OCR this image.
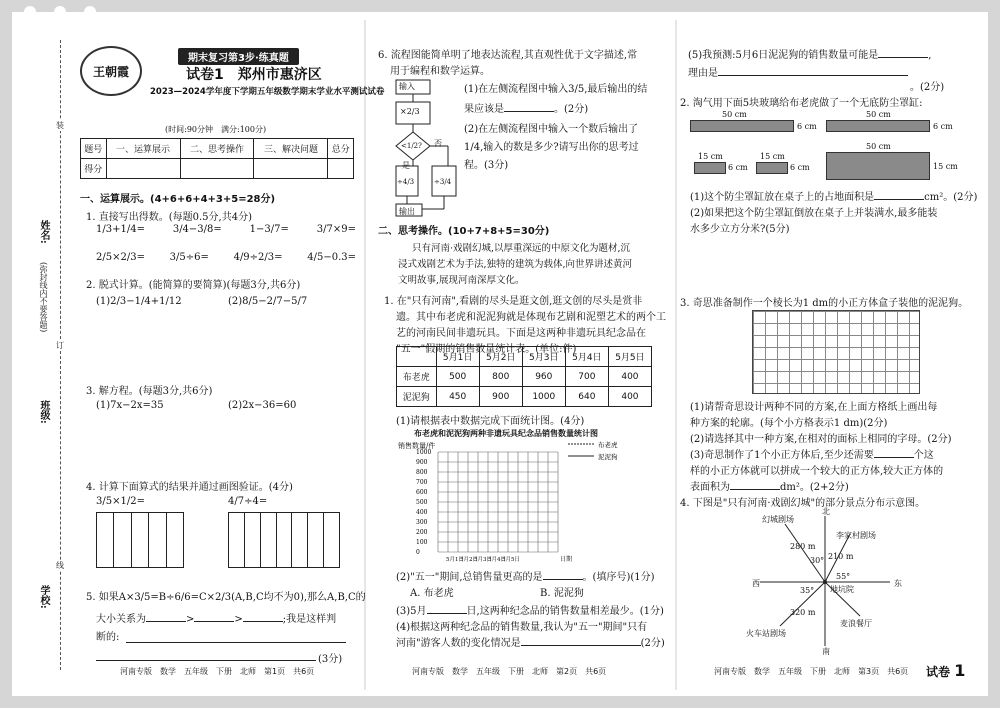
王朝霞
期末复习第3步·练真题
试卷1　 郑州市惠济区
2023—2024学年度下学期五年级数学期末学业水平测试试卷
(时间:90分钟　满分:100分)
题号	一、运算展示	二、思考操作	三、解决问题	总分
得分				
姓名:
(弥封线内不要答题)
班级:
学校:
装
订
线
一、运算展示。(4+6+6+4+3+5=28分)
1. 直接写出得数。(每题0.5分,共4分)
1/3+1/4=	3/4−3/8=	1−3/7=	3/7×9=
2/5×2/3= 3/5÷6= 4/9÷2/3= 4/5−0.3=
2. 脱式计算。(能简算的要简算)(每题3分,共6分)
(1)2/3−1/4+1/12	(2)8/5−2/7−5/7
3. 解方程。(每题3分,共6分)
(1)7x−2x=35	(2)2x−36=60
4. 计算下面算式的结果并通过画图验证。(4分)
3/5×1/2=	4/7÷4=
5. 如果A×3/5=B÷6/6=C×2/3(A,B,C均不为0),那么A,B,C的
大小关系为	>	>	;我是这样判
断的:
(3分)
河南专版　数学　五年级　下册　北师　第1页　共6页
6. 流程图能简单明了地表达流程,其直观性优于文字描述,常
用于编程和数学运算。
输入
×2/3
<1/2? 否
是
÷4/3	÷3/4
输出
(1)在左侧流程图中输入3/5,最后输出的结
果应该是	。(2分)
(2)在左侧流程图中输入一个数后输出了
1/4,输入的数是多少?请写出你的思考过
程。(3分)
二、思考操作。(10+7+8+5=30分)
只有河南·戏剧幻城,以厚重深远的中原文化为题材,沉
浸式戏剧艺术为手法,独特的建筑为载体,向世界讲述黄河
文明故事,展现河南深厚文化。
1. 在"只有河南",看剧的尽头是逛文创,逛文创的尽头是赏非
遗。其中布老虎和泥泥狗就是体现布艺剧和泥塑艺术的两个工
艺的河南民间非遗玩具。下面是这两种非遗玩具纪念品在
"五一"假期的销售数量统计表。(单位:件)
	5月1日	5月2日	5月3日	5月4日	5月5日
布老虎	500	800	960	700	400
泥泥狗	450	900	1000	640	400
(1)请根据表中数据完成下面统计图。(4分)
布老虎和泥泥狗两种非遗玩具纪念品销售数量统计图
销售数量/件
0
100
200
300
400
500
600
700
800
900
1000
5月1日
5月2日
5月3日
5月4日
5月5日	日期
布老虎
泥泥狗
(2)"五一"期间,总销售量更高的是	。(填序号)(1分)
A. 布老虎	B. 泥泥狗
(3)5月	日,这两种纪念品的销售数量相差最少。(1分)
(4)根据这两种纪念品的销售数量,我认为"五一"期间"只有
河南"游客人数的变化情况是	(2分)
河南专版　数学　五年级　下册　北师　第2页　共6页
(5)我预测:5月6日泥泥狗的销售数量可能是	,
理由是
。(2分)
2. 淘气用下面5块玻璃给布老虎做了一个无底防尘罩缸:
50 cm
6 cm
50 cm
6 cm
15 cm
6 cm
15 cm
6 cm
50 cm
15 cm
(1)这个防尘罩缸放在桌子上的占地面积是	cm²。(2分)
(2)如果把这个防尘罩缸倒放在桌子上并装满水,最多能装
水多少立方分米?(5分)
3. 奇思准备制作一个棱长为1 dm的小正方体盒子装他的泥泥狗。
(1)请帮奇思设计两种不同的方案,在上面方格纸上画出每
种方案的轮廓。(每个小方格表示1 dm)(2分)
(2)请选择其中一种方案,在相对的面标上相同的字母。(2分)
(3)奇思制作了1个小正方体后,至少还需要	个这
样的小正方体就可以拼成一个较大的正方体,较大正方体的
表面积为	dm²。(2+2分)
4. 下图是"只有河南·戏剧幻城"的部分景点分布示意图。
北
南
西	东
地坑院
幻城剧场
李家村剧场
火车站剧场
麦浪餐厅
280 m
210 m
320 m
30°
55°
35°
河南专版　数学　五年级　下册　北师　第3页　共6页 试卷 1
